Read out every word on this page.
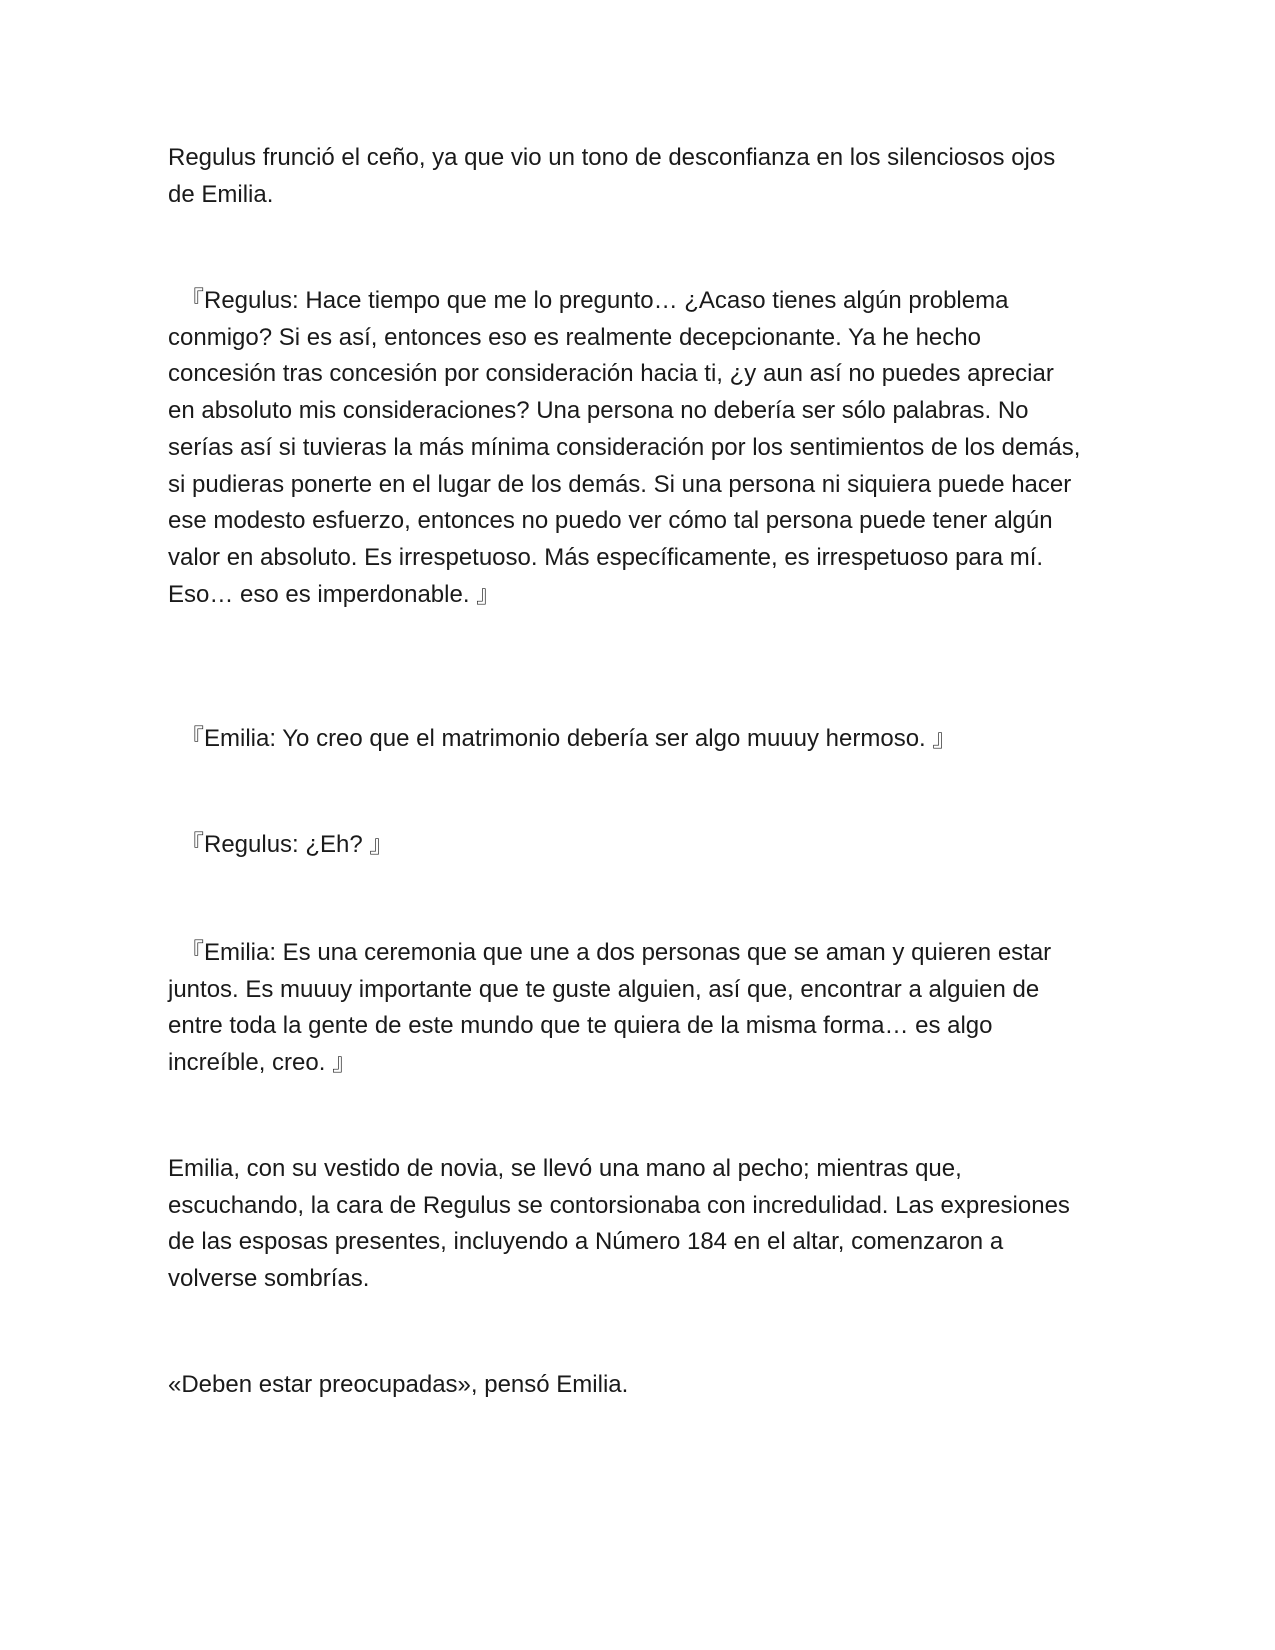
Regulus frunció el ceño, ya que vio un tono de desconfianza en los silenciosos ojos de Emilia.

『Regulus: Hace tiempo que me lo pregunto… ¿Acaso tienes algún problema conmigo? Si es así, entonces eso es realmente decepcionante. Ya he hecho concesión tras concesión por consideración hacia ti, ¿y aun así no puedes apreciar en absoluto mis consideraciones? Una persona no debería ser sólo palabras. No serías así si tuvieras la más mínima consideración por los sentimientos de los demás, si pudieras ponerte en el lugar de los demás. Si una persona ni siquiera puede hacer ese modesto esfuerzo, entonces no puedo ver cómo tal persona puede tener algún valor en absoluto. Es irrespetuoso. Más específicamente, es irrespetuoso para mí. Eso… eso es imperdonable. 』

『Emilia: Yo creo que el matrimonio debería ser algo muuuy hermoso. 』

『Regulus: ¿Eh? 』

『Emilia: Es una ceremonia que une a dos personas que se aman y quieren estar juntos. Es muuuy importante que te guste alguien, así que, encontrar a alguien de entre toda la gente de este mundo que te quiera de la misma forma… es algo increíble, creo. 』

Emilia, con su vestido de novia, se llevó una mano al pecho; mientras que, escuchando, la cara de Regulus se contorsionaba con incredulidad. Las expresiones de las esposas presentes, incluyendo a Número 184 en el altar, comenzaron a volverse sombrías.

«Deben estar preocupadas», pensó Emilia.
